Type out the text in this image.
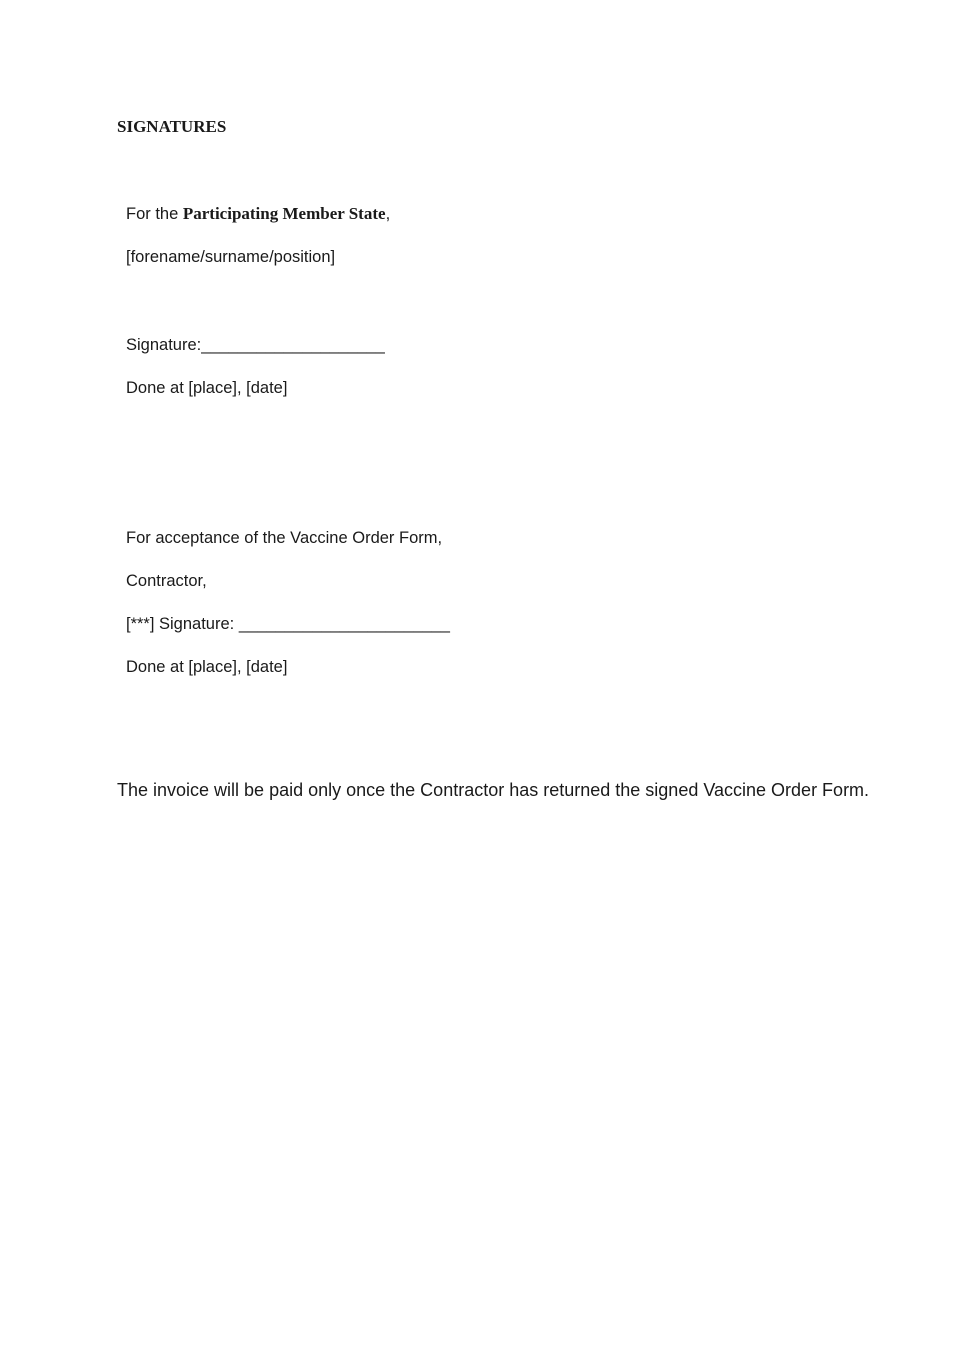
SIGNATURES
For the Participating Member State,
[forename/surname/position]
Signature:____________________
Done at [place], [date]
For acceptance of the Vaccine Order Form,
Contractor,
[***] Signature: _______________________
Done at [place], [date]
The invoice will be paid only once the Contractor has returned the signed Vaccine Order Form.
